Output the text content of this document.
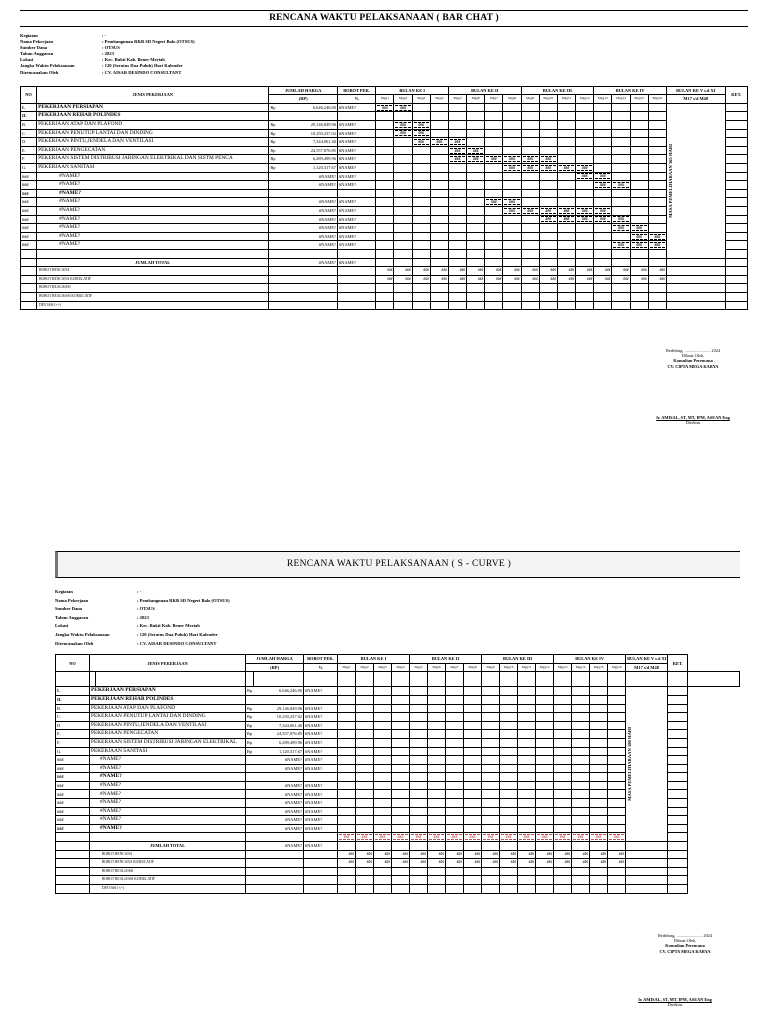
RENCANA WAKTU PELAKSANAAN ( BAR CHAT )
Kegiatan	: -
Nama Pekerjaan	: Pembangunan RKB SD Negeri Balo (OTSUS)
Sumber Dana	: OTSUS
Tahun Anggaran	: 2023
Lokasi	: Kec. Bukit Kab. Bener Meriah
Jangka Waktu Pelaksanaan	: 120 (Seratus Dua Puluh) Hari Kalender
Direncanakan Oleh	: CV. AISAR DESINDO CONSULTANT
NO	JENIS PEKERJAAN	JUMLAH HARGA		BOBOT PEK.	BULAN KE I				BULAN KE II				BULAN KE III				BULAN KE IV				BULAN KE V s.d XI	KET.
		(RP)		%	Mgg1	Mgg2	Mgg3	Mgg4	Mgg5	Mgg6	Mgg7	Mgg8	Mgg9	Mgg10	Mgg11	Mgg12	Mgg13	Mgg14	Mgg15	Mgg16	M17 s/d M48	
I.	PEKERJAAN PERSIAPAN	Rp	6,646,246.00	#NAME?	###	###															MASA PEMELIHARAAN 365 HARI	

II.	PEKERJAAN REHAB POLINDES																					
B.	PEKERJAAN ATAP DAN PLAFOND	Rp	29,146,849.96	#NAME?		###	###															

C.	PEKERJAAN PENUTUP LANTAI DAN DINDING	Rp	10,250,237.02	#NAME?		###	###															

D.	PEKERJAAN PINTU,JENDELA DAN VENTILASI	Rp	7,344,061.40	#NAME?			###	###	###													

E.	PEKERJAAN PENGECATAN	Rp	24,557,876.85	#NAME?					###	###												

F.	PEKERJAAN SISTEM DISTRIBUSI JARINGAN ELEKTRIKAL DAN SISTM PENCA	Rp	6,289,499.96	#NAME?					###	###	###	###	###	###								

G.	PEKERJAAN SANITASI	Rp	1,120,317.67	#NAME?								###	###	###	###	###						

###	#NAME?		#NAME?	#NAME?												###	###					

###	#NAME?		#NAME?	#NAME?													###	###				

###	#NAME?																					
###	#NAME?		#NAME?	#NAME?							###	###										

###	#NAME?		#NAME?	#NAME?								###	###	###	###	###	###					

###	#NAME?		#NAME?	#NAME?										###	###	###	###	###				

###	#NAME?		#NAME?	#NAME?														###	###			

###	#NAME?		#NAME?	#NAME?															###	###		

###	#NAME?		#NAME?	#NAME?														###	###	###		

	JUMLAH TOTAL	#NAME?		#NAME?																		
	BOBOT RENCANA				###	###	###	###	###	###	###	###	###	###	###	###	###	###	###	###		
	BOBOT RENCANA KOMULATIF				###	###	###	###	###	###	###	###	###	###	###	###	###	###	###	###		
	BOBOT REALISASI																					
	BOBOT REALISASI KOMULATIF																					
	DEVIASI (+/-)																					
Redelong, ........................ 2024
Dibuat Oleh,
Konsultan Perencana
CV. CIPTA MEGA KARYA
Ir. AMISAL, ST, MT, IPM, ASEAN Eng
Direktur
RENCANA WAKTU PELAKSANAAN ( S - CURVE )
Kegiatan	: -
Nama Pekerjaan	: Pembangunan RKB SD Negeri Balo (OTSUS)
Sumber Dana	: OTSUS
Tahun Anggaran	: 2023
Lokasi	: Kec. Bukit Kab. Bener Meriah
Jangka Waktu Pelaksanaan	: 120 (Seratus Dua Puluh) Hari Kalender
Direncanakan Oleh	: CV. AISAR DESINDO CONSULTANT
NO	JENIS PEKERJAAN		JUMLAH HARGA		BOBOT PEK.	BULAN KE I				BULAN KE II				BULAN KE III				BULAN KE IV				BULAN KE V s.d XI	KET.	
			(RP)		%	Mgg1	Mgg2	Mgg3	Mgg4	Mgg5	Mgg6	Mgg7	Mgg8	Mgg9	Mgg10	Mgg11	Mgg12	Mgg13	Mgg14	Mgg15	Mgg16	M17 s/d M48		

I.	PEKERJAAN PERSIAPAN		Rp	6,646,246.00	#NAME?																	MASA PEMELIHARAAN 180 HARI		

II.	PEKERJAAN REHAB POLINDES																							
B.	PEKERJAAN ATAP DAN PLAFOND		Rp	29,146,849.96	#NAME?																			
C.	PEKERJAAN PENUTUP LANTAI DAN DINDING		Rp	10,250,237.02	#NAME?																			
D.	PEKERJAAN PINTU,JENDELA DAN VENTILASI		Rp	7,344,061.40	#NAME?																			
E.	PEKERJAAN PENGECATAN		Rp	24,557,876.85	#NAME?																			
F.	PEKERJAAN SISTEM DISTRIBUSI JARINGAN ELEKTRIKAL		Rp	6,289,499.96	#NAME?																			
G.	PEKERJAAN SANITASI		Rp	1,120,317.67	#NAME?																			
###	#NAME?			#NAME?	#NAME?																			
###	#NAME?			#NAME?	#NAME?																			
###	#NAME?																							
###	#NAME?			#NAME?	#NAME?																			
###	#NAME?			#NAME?	#NAME?																			
###	#NAME?			#NAME?	#NAME?																			
###	#NAME?			#NAME?	#NAME?																			
###	#NAME?			#NAME?	#NAME?																			
###	#NAME?			#NAME?	#NAME?																			

						###	###	###	###	###	###	###	###	###	###	###	###	###	###	###	###			

	JUMLAH TOTAL		#NAME?		#NAME?																			
	BOBOT RENCANA					###	###	###	###	###	###	###	###	###	###	###	###	###	###	###	###			
	BOBOT RENCANA KOMULATIF					###	###	###	###	###	###	###	###	###	###	###	###	###	###	###	###			
	BOBOT REALISASI																							
	BOBOT REALISASI KOMULATIF																							
	DEVIASI (+/-)																							
Redelong, ........................ 2024
Dibuat Oleh,
Konsultan Perencana
CV. CIPTA MEGA KARYA
Ir. AMISAL, ST, MT, IPM, ASEAN Eng
Direktur
